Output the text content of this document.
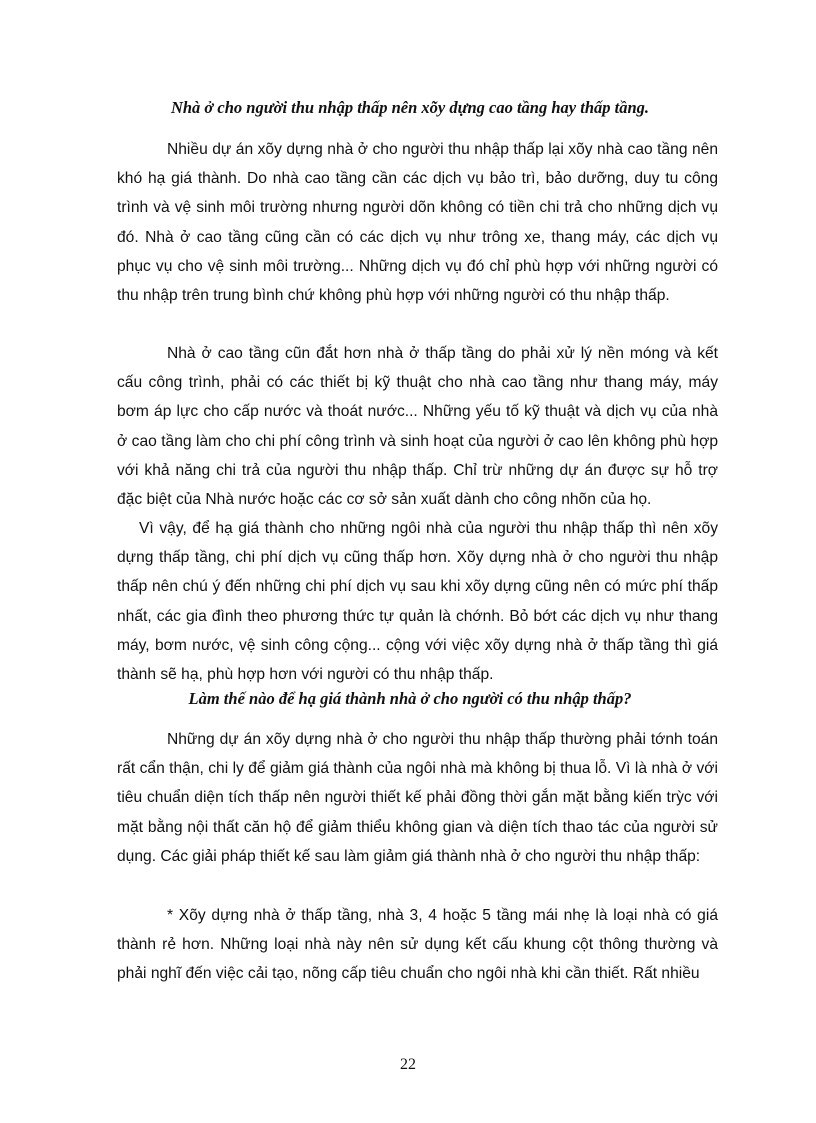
Nhà ở cho người thu nhập thấp nên xõy dựng cao tầng hay thấp tầng.

Nhiều dự án xõy dựng nhà ở cho người thu nhập thấp lại xõy nhà cao tầng nên khó hạ giá thành. Do nhà cao tầng cần các dịch vụ bảo trì, bảo dưỡng, duy tu công trình và vệ sinh môi trường nhưng người dõn không có tiền chi trả cho những dịch vụ đó. Nhà ở cao tầng cũng cần có các dịch vụ như trông xe, thang máy, các dịch vụ phục vụ cho vệ sinh môi trường... Những dịch vụ đó chỉ phù hợp với những người có thu nhập trên trung bình chứ không phù hợp với những người có thu nhập thấp.

Nhà ở cao tầng cũn đắt hơn nhà ở thấp tầng do phải xử lý nền móng và kết cấu công trình, phải có các thiết bị kỹ thuật cho nhà cao tầng như thang máy, máy bơm áp lực cho cấp nước và thoát nước... Những yếu tố kỹ thuật và dịch vụ của nhà ở cao tầng làm cho chi phí công trình và sinh hoạt của người ở cao lên không phù hợp với khả năng chi trả của người thu nhập thấp. Chỉ trừ những dự án được sự hỗ trợ đặc biệt của Nhà nước hoặc các cơ sở sản xuất dành cho công nhõn của họ.

Vì vậy, để hạ giá thành cho những ngôi nhà của người thu nhập thấp thì nên xõy dựng thấp tầng, chi phí dịch vụ cũng thấp hơn. Xõy dựng nhà ở cho người thu nhập thấp nên chú ý đến những chi phí dịch vụ sau khi xõy dựng cũng nên có mức phí thấp nhất, các gia đình theo phương thức tự quản là chớnh. Bỏ bớt các dịch vụ như thang máy, bơm nước, vệ sinh công cộng... cộng với việc xõy dựng nhà ở thấp tầng thì giá thành sẽ hạ, phù hợp hơn với người có thu nhập thấp.

Làm thế nào để hạ giá thành nhà ở cho người có thu nhập thấp?

Những dự án xõy dựng nhà ở cho người thu nhập thấp thường phải tớnh toán rất cẩn thận, chi ly để giảm giá thành của ngôi nhà mà không bị thua lỗ. Vì là nhà ở với tiêu chuẩn diện tích thấp nên người thiết kế phải đồng thời gắn mặt bằng kiến trỳc với mặt bằng nội thất căn hộ để giảm thiểu không gian và diện tích thao tác của người sử dụng. Các giải pháp thiết kế sau làm giảm giá thành nhà ở cho người thu nhập thấp:

* Xõy dựng nhà ở thấp tầng, nhà 3, 4 hoặc 5 tầng mái nhẹ là loại nhà có giá thành rẻ hơn. Những loại nhà này nên sử dụng kết cấu khung cột thông thường và phải nghĩ đến việc cải tạo, nõng cấp tiêu chuẩn cho ngôi nhà khi cần thiết. Rất nhiều

22
